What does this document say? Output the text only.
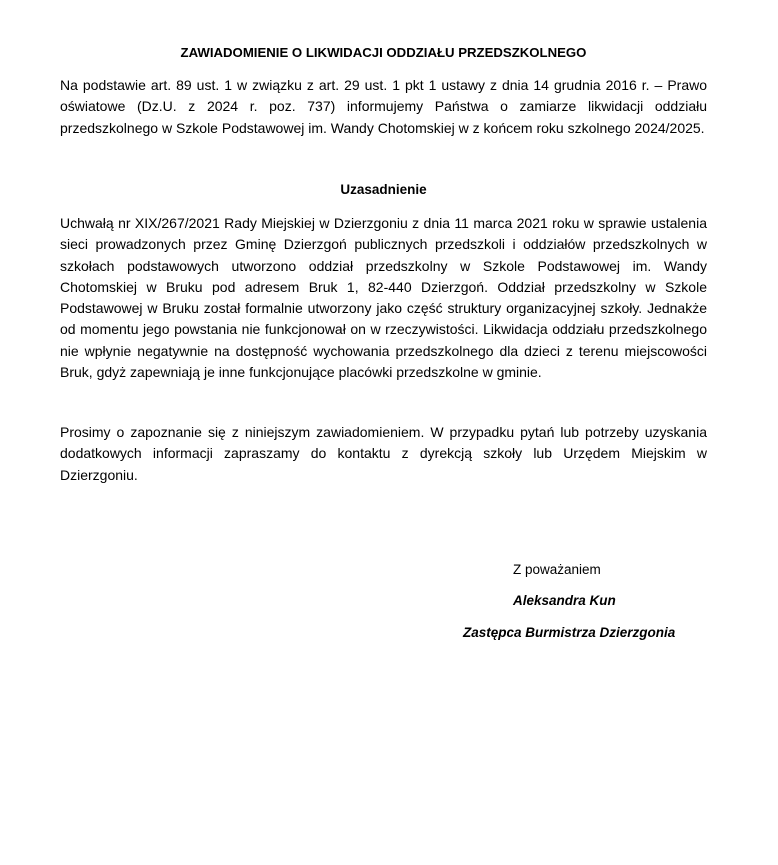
ZAWIADOMIENIE O LIKWIDACJI ODDZIAŁU PRZEDSZKOLNEGO

Na podstawie art. 89 ust. 1 w związku z art. 29 ust. 1 pkt 1 ustawy z dnia 14 grudnia 2016 r. – Prawo oświatowe (Dz.U. z 2024 r. poz. 737) informujemy Państwa o zamiarze likwidacji oddziału przedszkolnego w Szkole Podstawowej im. Wandy Chotomskiej w z końcem roku szkolnego 2024/2025.

Uzasadnienie

Uchwałą nr XIX/267/2021 Rady Miejskiej w Dzierzgoniu z dnia 11 marca 2021 roku w sprawie ustalenia sieci prowadzonych przez Gminę Dzierzgoń publicznych przedszkoli i oddziałów przedszkolnych w szkołach podstawowych utworzono oddział przedszkolny w Szkole Podstawowej im. Wandy Chotomskiej w Bruku pod adresem Bruk 1, 82-440 Dzierzgoń. Oddział przedszkolny w Szkole Podstawowej w Bruku został formalnie utworzony jako część struktury organizacyjnej szkoły. Jednakże od momentu jego powstania nie funkcjonował on w rzeczywistości. Likwidacja oddziału przedszkolnego nie wpłynie negatywnie na dostępność wychowania przedszkolnego dla dzieci z terenu miejscowości Bruk, gdyż zapewniają je inne funkcjonujące placówki przedszkolne w gminie.

Prosimy o zapoznanie się z niniejszym zawiadomieniem. W przypadku pytań lub potrzeby uzyskania dodatkowych informacji zapraszamy do kontaktu z dyrekcją szkoły lub Urzędem Miejskim w Dzierzgoniu.

Z poważaniem

Aleksandra Kun

Zastępca Burmistrza Dzierzgonia
